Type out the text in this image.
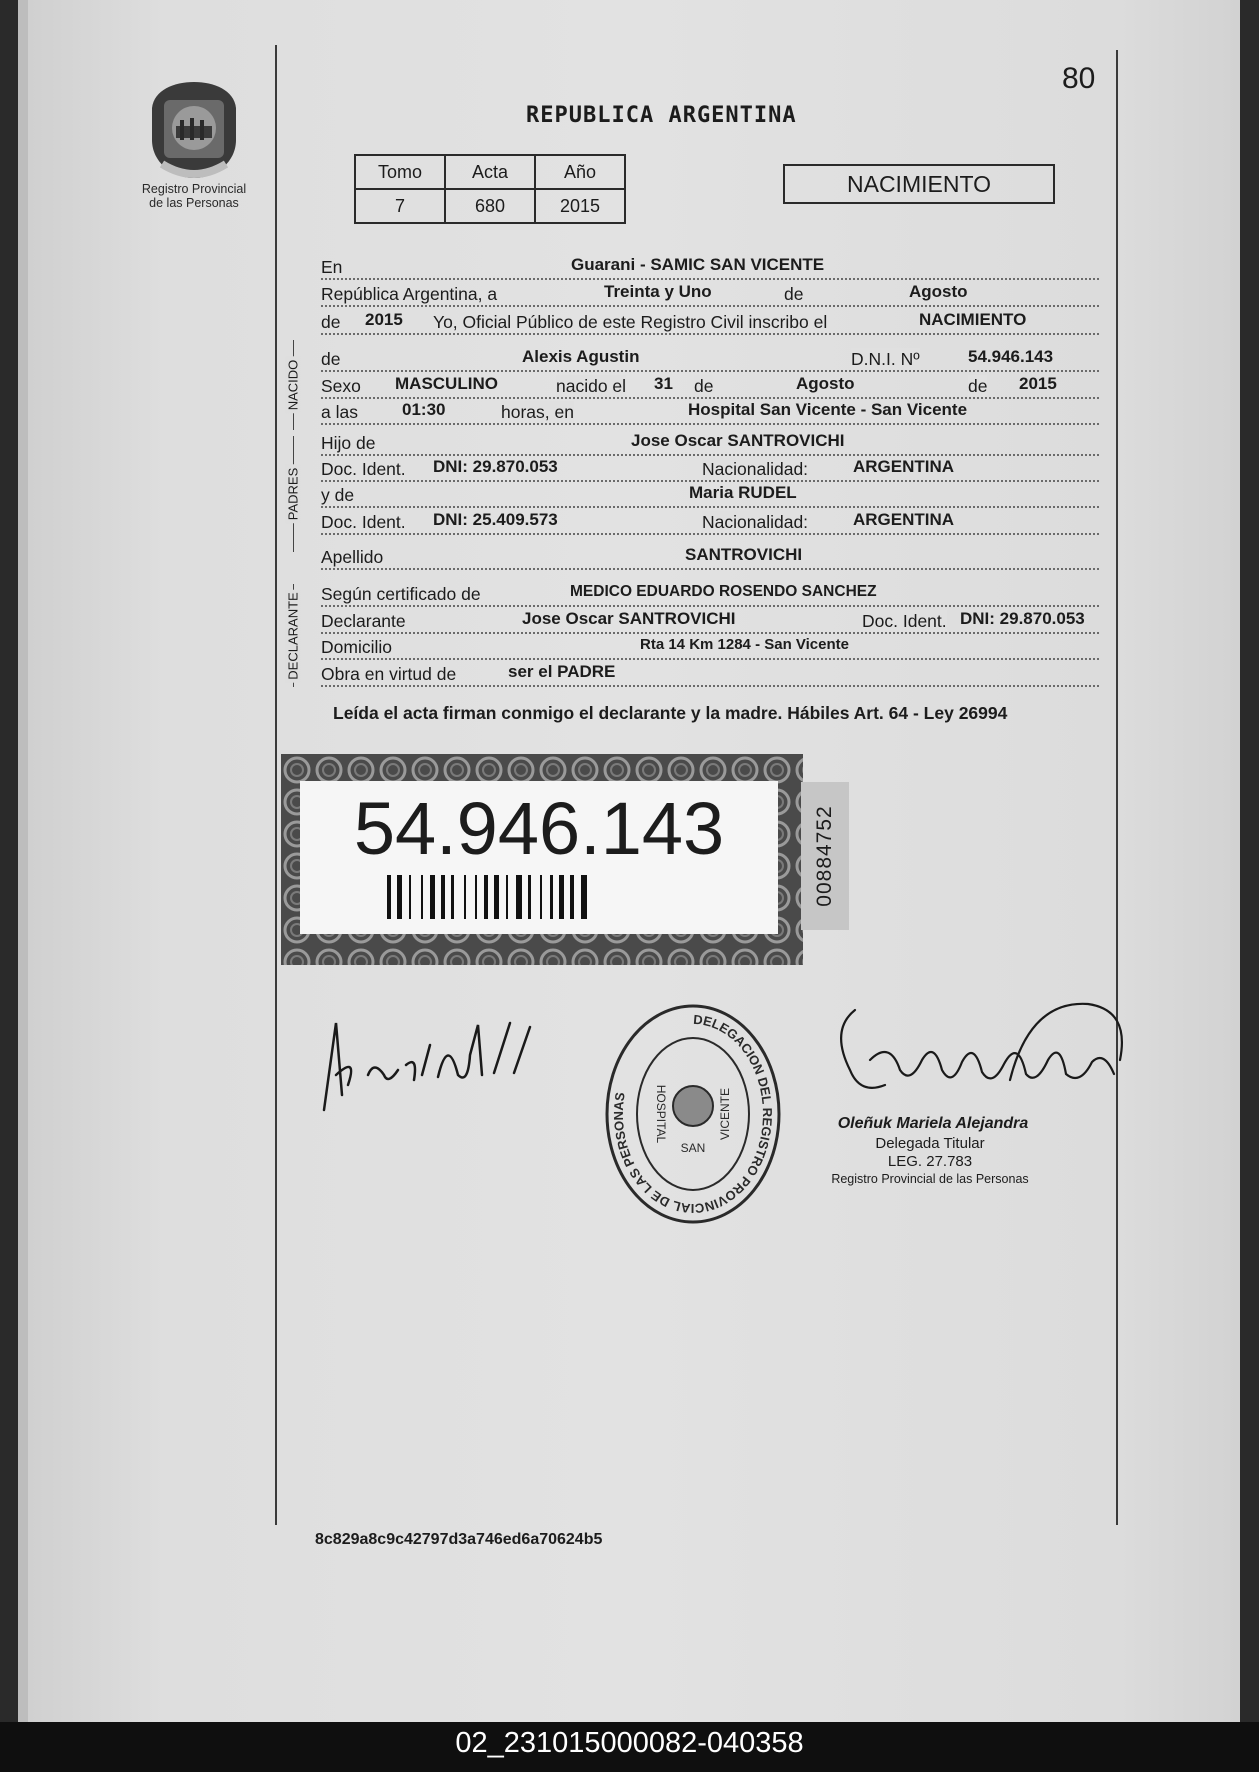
Registro Provincial
de las Personas
80
REPUBLICA ARGENTINA
Tomo	Acta	Año
7	680	2015
NACIMIENTO
En	Guarani - SAMIC SAN VICENTE
República Argentina, a	Treinta y Uno	de	Agosto
de 2015 Yo, Oficial Público de este Registro Civil inscribo el	NACIMIENTO
NACIDO
de	Alexis Agustin	D.N.I. Nº	54.946.143
Sexo MASCULINO	nacido el 31 de	Agosto	de 2015
a las	01:30	horas, en	Hospital San Vicente - San Vicente
PADRES
Hijo de	Jose Oscar SANTROVICHI
Doc. Ident. DNI: 29.870.053	Nacionalidad:	ARGENTINA
y de	Maria RUDEL
Doc. Ident. DNI: 25.409.573	Nacionalidad:	ARGENTINA
Apellido	SANTROVICHI
DECLARANTE Según certificado de	MEDICO EDUARDO ROSENDO SANCHEZ
Declarante	Jose Oscar SANTROVICHI	Doc. Ident. DNI: 29.870.053
Domicilio	Rta 14 Km 1284 - San Vicente
Obra en virtud de	ser el PADRE
Leída el acta firman conmigo el declarante y la madre. Hábiles Art. 64 - Ley 26994
54.946.143	00884752
DELEGACION DEL REGISTRO PROVINCIAL DE LAS PERSONAS
SAN
HOSPITAL	VICENTE	Oleñuk Mariela Alejandra
Delegada Titular
LEG. 27.783
Registro Provincial de las Personas
8c829a8c9c42797d3a746ed6a70624b5
02_231015000082-040358
